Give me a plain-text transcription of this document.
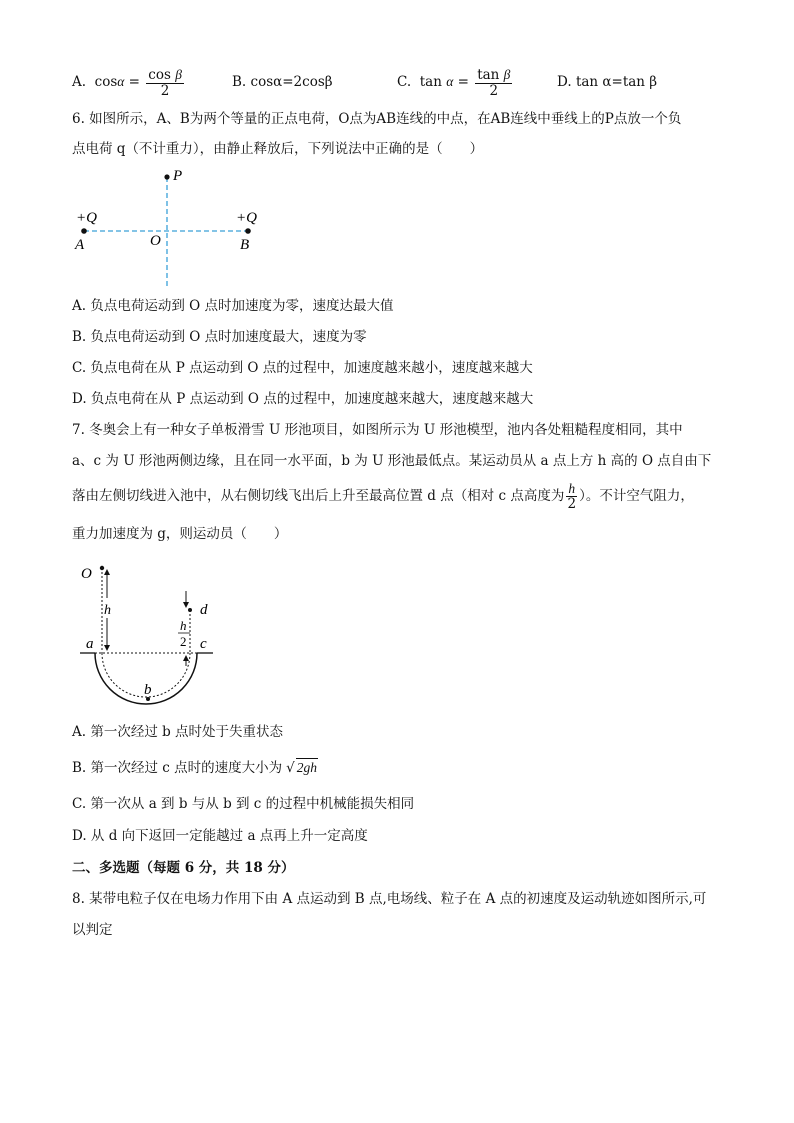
A. $\cos\alpha = \frac{\text{cos β}}{2}$	B. cosα=2cosβ	C. $\tan \alpha = \frac{\text{tan β}}{2}$	D. tan α=tan β
6. 如图所示，A、B为两个等量的正点电荷，O点为AB连线的中点，在AB连线中垂线上的P点放一个负
点电荷 q（不计重力），由静止释放后，下列说法中正确的是（　　）
P
+Q	+Q
A	O	B
A. 负点电荷运动到 O 点时加速度为零，速度达最大值
B. 负点电荷运动到 O 点时加速度最大，速度为零
C. 负点电荷在从 P 点运动到 O 点的过程中，加速度越来越小，速度越来越大
D. 负点电荷在从 P 点运动到 O 点的过程中，加速度越来越大，速度越来越大
7. 冬奥会上有一种女子单板滑雪 U 形池项目，如图所示为 U 形池模型，池内各处粗糙程度相同，其中
a、c 为 U 形池两侧边缘，且在同一水平面，b 为 U 形池最低点。某运动员从 a 点上方 h 高的 O 点自由下
落由左侧切线进入池中，从右侧切线飞出后上升至最高位置 d 点（相对 c 点高度为 $\frac{h}{2}$ ）。不计空气阻力，
重力加速度为 g，则运动员（　　）
O
h	d
h
2
a	c
b
A. 第一次经过 b 点时处于失重状态
B. 第一次经过 c 点时的速度大小为 √ 2gh
C. 第一次从 a 到 b 与从 b 到 c 的过程中机械能损失相同
D. 从 d 向下返回一定能越过 a 点再上升一定高度
二、多选题（每题 6 分，共 18 分）
8. 某带电粒子仅在电场力作用下由 A 点运动到 B 点,电场线、粒子在 A 点的初速度及运动轨迹如图所示,可
以判定
